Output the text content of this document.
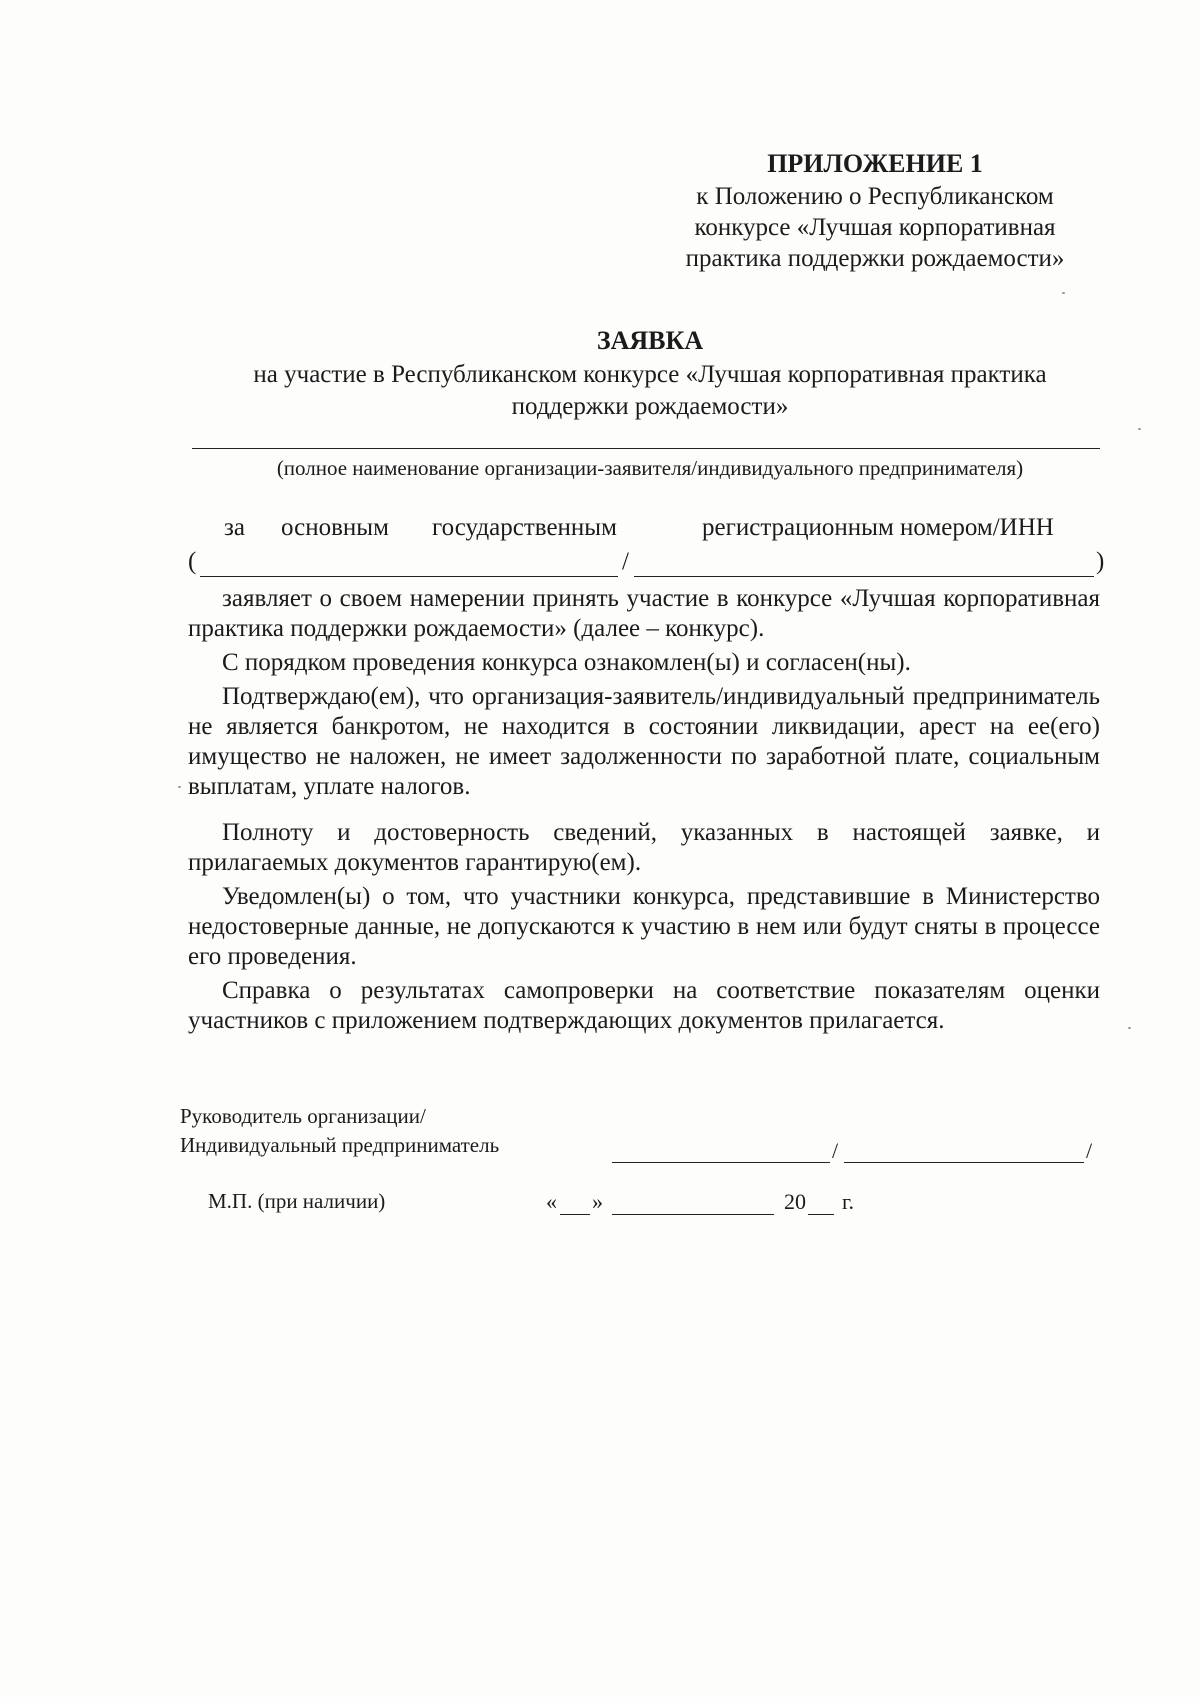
ПРИЛОЖЕНИЕ 1
к Положению о Республиканском
конкурсе «Лучшая корпоративная
практика поддержки рождаемости»
ЗАЯВКА
на участие в Республиканском конкурсе «Лучшая корпоративная практика
поддержки рождаемости»
(полное наименование организации-заявителя/индивидуального предпринимателя)
за основным государственным	регистрационным номером/ИНН
(	/	)

заявляет о своем намерении принять участие в конкурсе «Лучшая корпоративная практика поддержки рождаемости» (далее – конкурс).

С порядком проведения конкурса ознакомлен(ы) и согласен(ны).

Подтверждаю(ем), что организация-заявитель/индивидуальный предприниматель не является банкротом, не находится в состоянии ликвидации, арест на ее(его) имущество не наложен, не имеет задолженности по заработной плате, социальным выплатам, уплате налогов.

Полноту и достоверность сведений, указанных в настоящей заявке, и прилагаемых документов гарантирую(ем).

Уведомлен(ы) о том, что участники конкурса, представившие в Министерство недостоверные данные, не допускаются к участию в нем или будут сняты в процессе его проведения.

Справка о результатах самопроверки на соответствие показателям оценки участников с приложением подтверждающих документов прилагается.

Руководитель организации/
Индивидуальный предприниматель	/	/
М.П. (при наличии)	« »	20 г.
